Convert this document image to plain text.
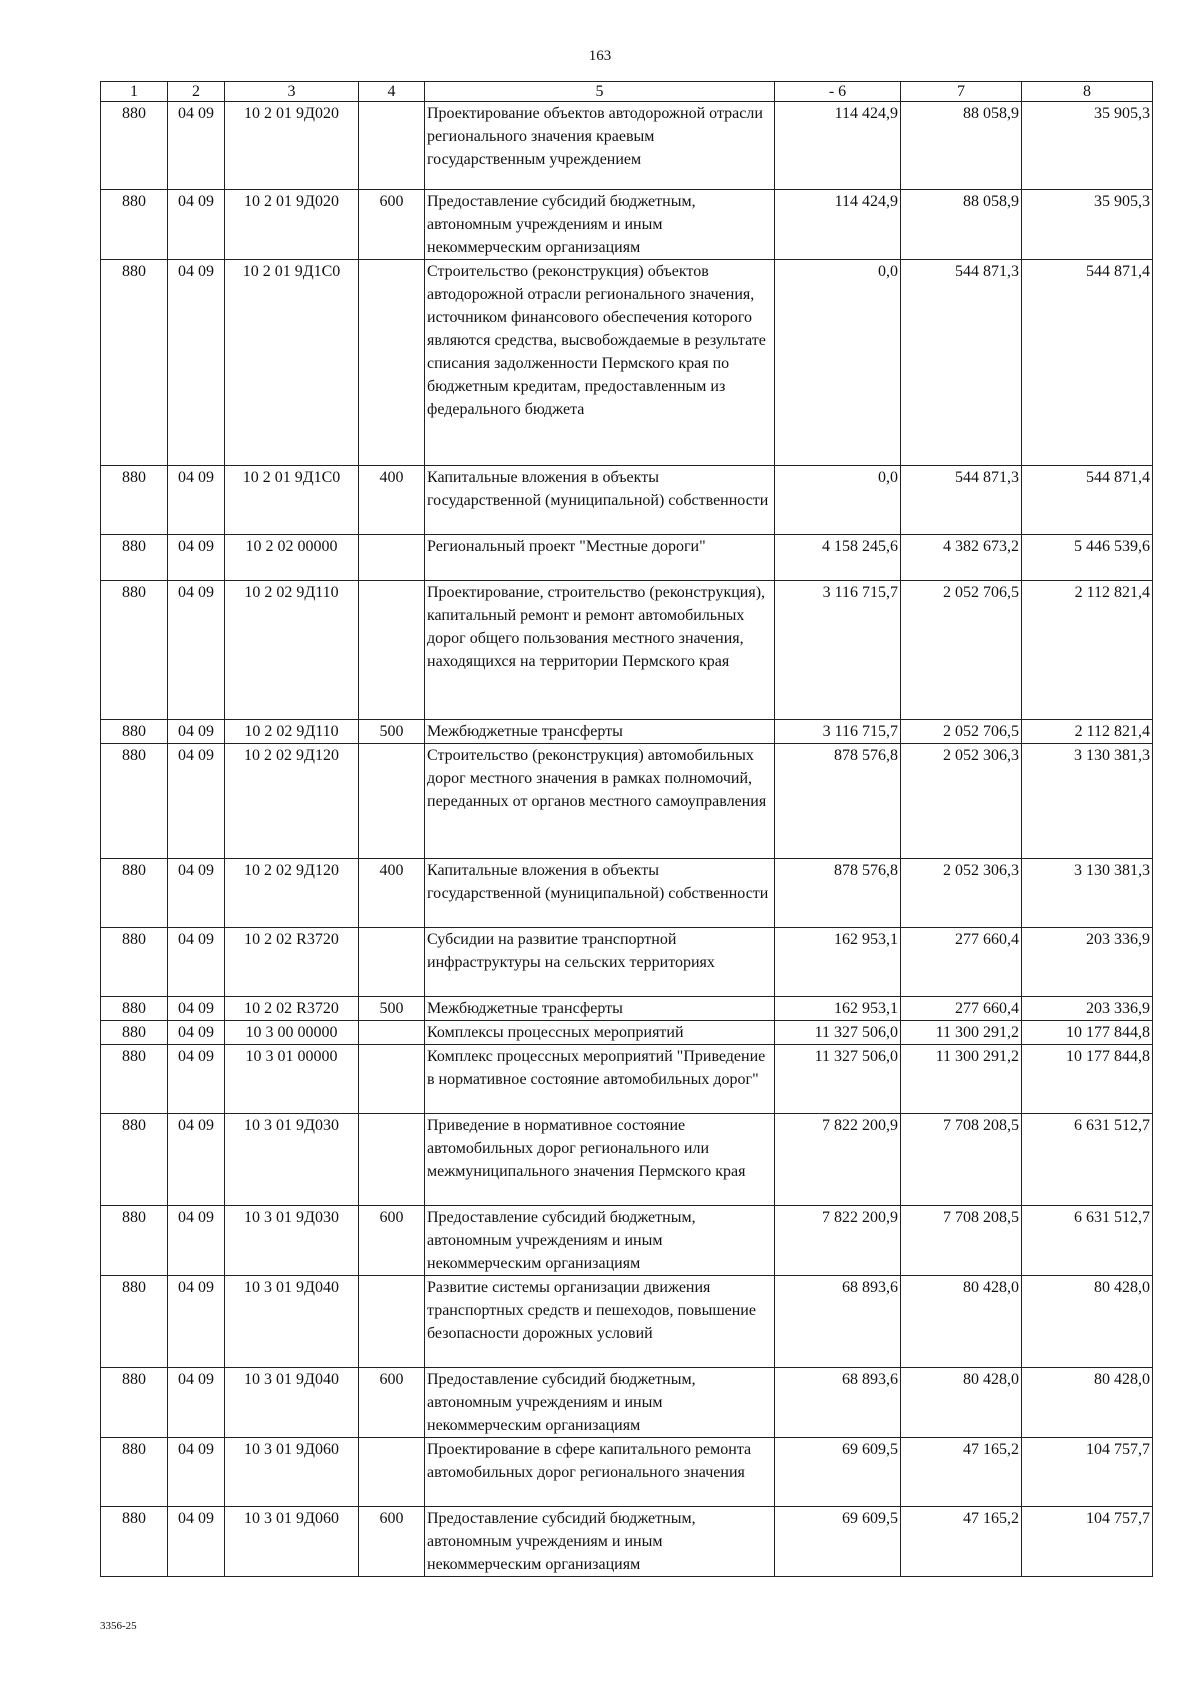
163
1	2	3	4	5	- 6	7	8
880	04 09	10 2 01 9Д020		Проектирование объектов автодорожной отрасли регионального значения краевым государственным учреждением	114 424,9	88 058,9	35 905,3
880	04 09	10 2 01 9Д020	600	Предоставление субсидий бюджетным, автономным учреждениям и иным некоммерческим организациям	114 424,9	88 058,9	35 905,3
880	04 09	10 2 01 9Д1С0		Строительство (реконструкция) объектов автодорожной отрасли регионального значения, источником финансового обеспечения которого являются средства, высвобождаемые в результате списания задолженности Пермского края по бюджетным кредитам, предоставленным из федерального бюджета	0,0	544 871,3	544 871,4
880	04 09	10 2 01 9Д1С0	400	Капитальные вложения в объекты государственной (муниципальной) собственности	0,0	544 871,3	544 871,4
880	04 09	10 2 02 00000		Региональный проект "Местные дороги"	4 158 245,6	4 382 673,2	5 446 539,6
880	04 09	10 2 02 9Д110		Проектирование, строительство (реконструкция), капитальный ремонт и ремонт автомобильных дорог общего пользования местного значения, находящихся на территории Пермского края	3 116 715,7	2 052 706,5	2 112 821,4
880	04 09	10 2 02 9Д110	500	Межбюджетные трансферты	3 116 715,7	2 052 706,5	2 112 821,4
880	04 09	10 2 02 9Д120		Строительство (реконструкция) автомобильных дорог местного значения в рамках полномочий, переданных от органов местного самоуправления	878 576,8	2 052 306,3	3 130 381,3
880	04 09	10 2 02 9Д120	400	Капитальные вложения в объекты государственной (муниципальной) собственности	878 576,8	2 052 306,3	3 130 381,3
880	04 09	10 2 02 R3720		Субсидии на развитие транспортной инфраструктуры на сельских территориях	162 953,1	277 660,4	203 336,9
880	04 09	10 2 02 R3720	500	Межбюджетные трансферты	162 953,1	277 660,4	203 336,9
880	04 09	10 3 00 00000		Комплексы процессных мероприятий	11 327 506,0	11 300 291,2	10 177 844,8
880	04 09	10 3 01 00000		Комплекс процессных мероприятий "Приведение в нормативное состояние автомобильных дорог"	11 327 506,0	11 300 291,2	10 177 844,8
880	04 09	10 3 01 9Д030		Приведение в нормативное состояние автомобильных дорог регионального или межмуниципального значения Пермского края	7 822 200,9	7 708 208,5	6 631 512,7
880	04 09	10 3 01 9Д030	600	Предоставление субсидий бюджетным, автономным учреждениям и иным некоммерческим организациям	7 822 200,9	7 708 208,5	6 631 512,7
880	04 09	10 3 01 9Д040		Развитие системы организации движения транспортных средств и пешеходов, повышение безопасности дорожных условий	68 893,6	80 428,0	80 428,0
880	04 09	10 3 01 9Д040	600	Предоставление субсидий бюджетным, автономным учреждениям и иным некоммерческим организациям	68 893,6	80 428,0	80 428,0
880	04 09	10 3 01 9Д060		Проектирование в сфере капитального ремонта автомобильных дорог регионального значения	69 609,5	47 165,2	104 757,7
880	04 09	10 3 01 9Д060	600	Предоставление субсидий бюджетным, автономным учреждениям и иным некоммерческим организациям	69 609,5	47 165,2	104 757,7
3356-25
